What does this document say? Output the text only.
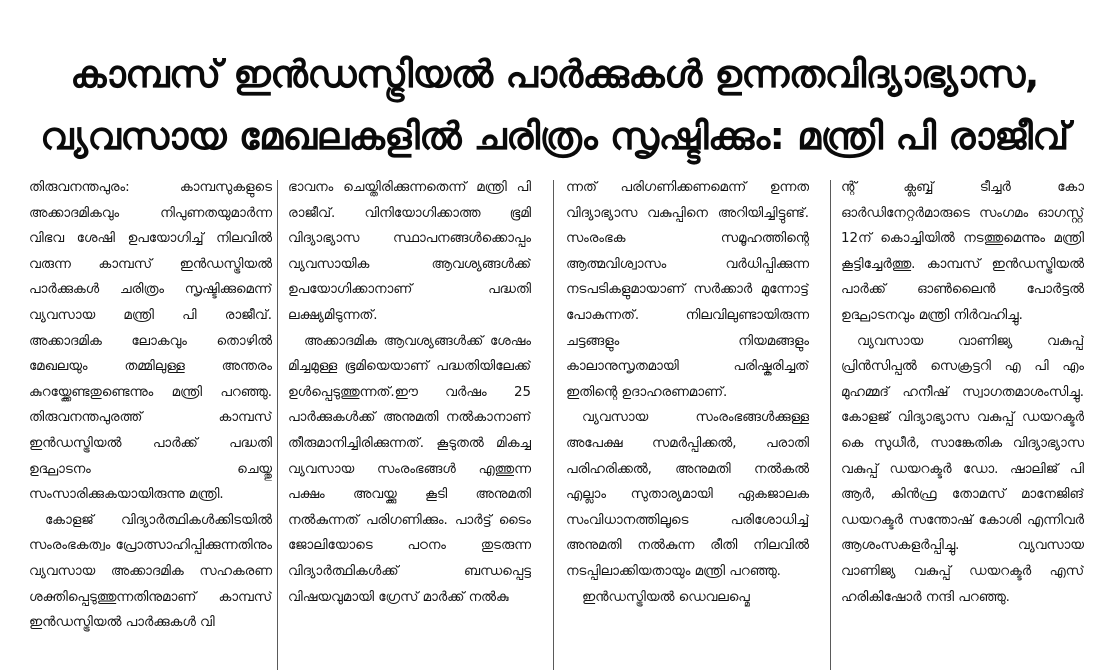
കാമ്പസ് ഇൻഡസ്ട്രിയൽ പാർക്കുകൾ ഉന്നതവിദ്യാഭ്യാസ,
വ്യവസായ മേഖലകളിൽ ചരിത്രം സൃഷ്ടിക്കും: മന്ത്രി പി രാജീവ്

തിരുവനന്തപുരം: കാമ്പസുകളുടെ അക്കാദമികവും നിപുണതയുമാർന്ന വിഭവ ശേഷി ഉപയോഗിച്ച് നിലവിൽ വരുന്ന കാമ്പസ് ഇൻഡസ്ട്രിയൽ പാർക്കുകൾ ചരിത്രം സൃഷ്ടിക്കുമെന്ന് വ്യവസായ മന്ത്രി പി രാജീവ്. അക്കാദമിക ലോകവും തൊഴിൽ മേഖലയും തമ്മിലുള്ള അന്തരം കുറയ്ക്കേണ്ടതുണ്ടെന്നും മന്ത്രി പറഞ്ഞു. തിരുവനന്തപുരത്ത് കാമ്പസ് ഇൻഡസ്ട്രിയൽ പാർക്ക് പദ്ധതി ഉദ്ഘാടനം ചെയ്തു സംസാരിക്കുകയായിരുന്നു മന്ത്രി.

കോളജ് വിദ്യാർത്ഥികൾക്കിടയിൽ സംരംഭകത്വം പ്രോത്സാഹിപ്പിക്കുന്നതിനും വ്യവസായ അക്കാദമിക സഹകരണ ശക്തിപ്പെടുത്തുന്നതിനുമാണ് കാമ്പസ് ഇൻഡസ്ട്രിയൽ പാർക്കുകൾ വി

ഭാവനം ചെയ്തിരിക്കുന്നതെന്ന് മന്ത്രി പി രാജീവ്. വിനിയോഗിക്കാത്ത ഭൂമി വിദ്യാഭ്യാസ സ്ഥാപനങ്ങൾക്കൊപ്പം വ്യവസായിക ആവശ്യങ്ങൾക്ക് ഉപയോഗിക്കാനാണ് പദ്ധതി ലക്ഷ്യമിടുന്നത്.

അക്കാദമിക ആവശ്യങ്ങൾക്ക് ശേഷം മിച്ചമുള്ള ഭൂമിയെയാണ് പദ്ധതിയിലേക്ക് ഉൾപ്പെടുത്തുന്നത്.ഈ വർഷം 25 പാർക്കുകൾക്ക് അനുമതി നൽകാനാണ് തീരുമാനിച്ചിരിക്കുന്നത്. കൂടുതൽ മികച്ച വ്യവസായ സംരംഭങ്ങൾ എത്തുന്ന പക്ഷം അവയ്ക്കു കൂടി അനുമതി നൽകുന്നത് പരിഗണിക്കും. പാർട്ട് ടൈം ജോലിയോടെ പഠനം തുടരുന്ന വിദ്യാർത്ഥികൾക്ക് ബന്ധപ്പെട്ട വിഷയവുമായി ഗ്രേസ് മാർക്ക് നൽകു

ന്നത് പരിഗണിക്കണമെന്ന് ഉന്നത വിദ്യാഭ്യാസ വകുപ്പിനെ അറിയിച്ചിട്ടുണ്ട്. സംരംഭക സമൂഹത്തിന്റെ ആത്മവിശ്വാസം വർധിപ്പിക്കുന്ന നടപടികളുമായാണ് സർക്കാർ മുന്നോട്ട് പോകുന്നത്. നിലവിലുണ്ടായിരുന്ന ചട്ടങ്ങളും നിയമങ്ങളും കാലാനുസൃതമായി പരിഷ്കരിച്ചത് ഇതിന്റെ ഉദാഹരണമാണ്.

വ്യവസായ സംരംഭങ്ങൾക്കുള്ള അപേക്ഷ സമർപ്പിക്കൽ, പരാതി പരിഹരിക്കൽ, അനുമതി നൽകൽ എല്ലാം സുതാര്യമായി ഏകജാലക സംവിധാനത്തിലൂടെ പരിശോധിച്ച് അനുമതി നൽകുന്ന രീതി നിലവിൽ നടപ്പിലാക്കിയതായും മന്ത്രി പറഞ്ഞു.

ഇൻഡസ്ട്രിയൽ ഡെവലപ്മെ

ന്റ് ക്ലബ്ബ് ടീച്ചർ കോ ഓർഡിനേറ്റർമാരുടെ സംഗമം ഓഗസ്റ്റ് 12ന് കൊച്ചിയിൽ നടത്തുമെന്നും മന്ത്രി കൂട്ടിച്ചേർത്തു. കാമ്പസ് ഇൻഡസ്ട്രിയൽ പാർക്ക് ഓൺലൈൻ പോർട്ടൽ ഉദ്ഘാടനവും മന്ത്രി നിർവഹിച്ചു.

വ്യവസായ വാണിജ്യ വകുപ്പ് പ്രിൻസിപ്പൽ സെക്രട്ടറി എ പി എം മുഹമ്മദ് ഹനീഷ് സ്വാഗതമാശംസിച്ചു. കോളജ് വിദ്യാഭ്യാസ വകുപ്പ് ഡയറക്ടർ കെ സുധീർ, സാങ്കേതിക വിദ്യാഭ്യാസ വകുപ്പ് ഡയറക്ടർ ഡോ. ഷാലിജ് പി ആർ, കിൻഫ്ര തോമസ് മാനേജിങ് ഡയറക്ടർ സന്തോഷ് കോശി എന്നിവർ ആശംസകളർപ്പിച്ചു. വ്യവസായ വാണിജ്യ വകുപ്പ് ഡയറക്ടർ എസ് ഹരികിഷോർ നന്ദി പറഞ്ഞു.
